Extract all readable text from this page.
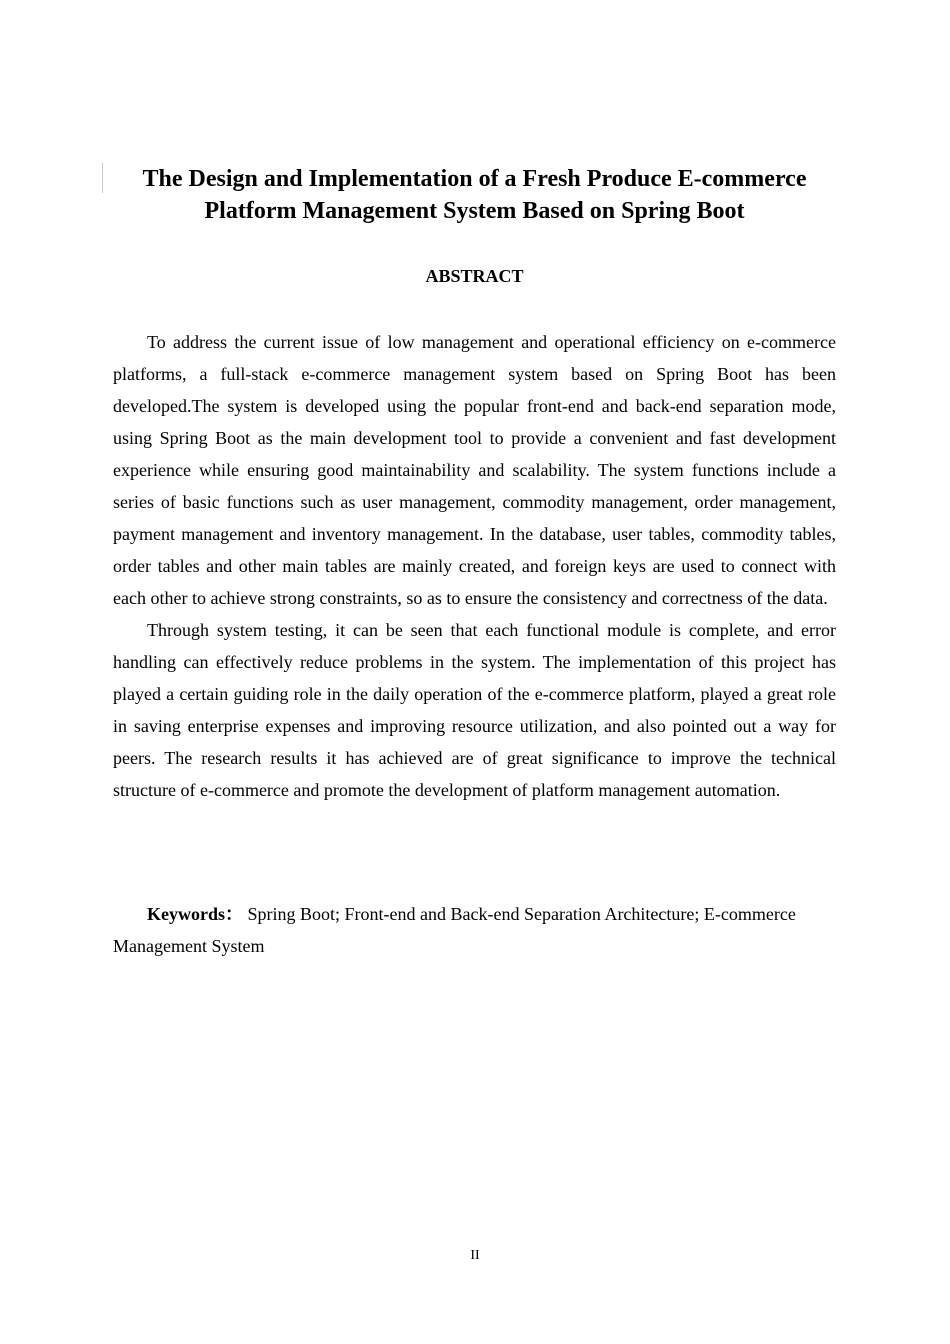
The Design and Implementation of a Fresh Produce E-commerce Platform Management System Based on Spring Boot
ABSTRACT

To address the current issue of low management and operational efficiency on e-commerce platforms, a full-stack e-commerce management system based on Spring Boot has been developed.The system is developed using the popular front-end and back-end separation mode, using Spring Boot as the main development tool to provide a convenient and fast development experience while ensuring good maintainability and scalability. The system functions include a series of basic functions such as user management, commodity management, order management, payment management and inventory management. In the database, user tables, commodity tables, order tables and other main tables are mainly created, and foreign keys are used to connect with each other to achieve strong constraints, so as to ensure the consistency and correctness of the data.

Through system testing, it can be seen that each functional module is complete, and error handling can effectively reduce problems in the system. The implementation of this project has played a certain guiding role in the daily operation of the e-commerce platform, played a great role in saving enterprise expenses and improving resource utilization, and also pointed out a way for peers. The research results it has achieved are of great significance to improve the technical structure of e-commerce and promote the development of platform management automation.

Keywords： Spring Boot; Front-end and Back-end Separation Architecture; E-commerce Management System

II
